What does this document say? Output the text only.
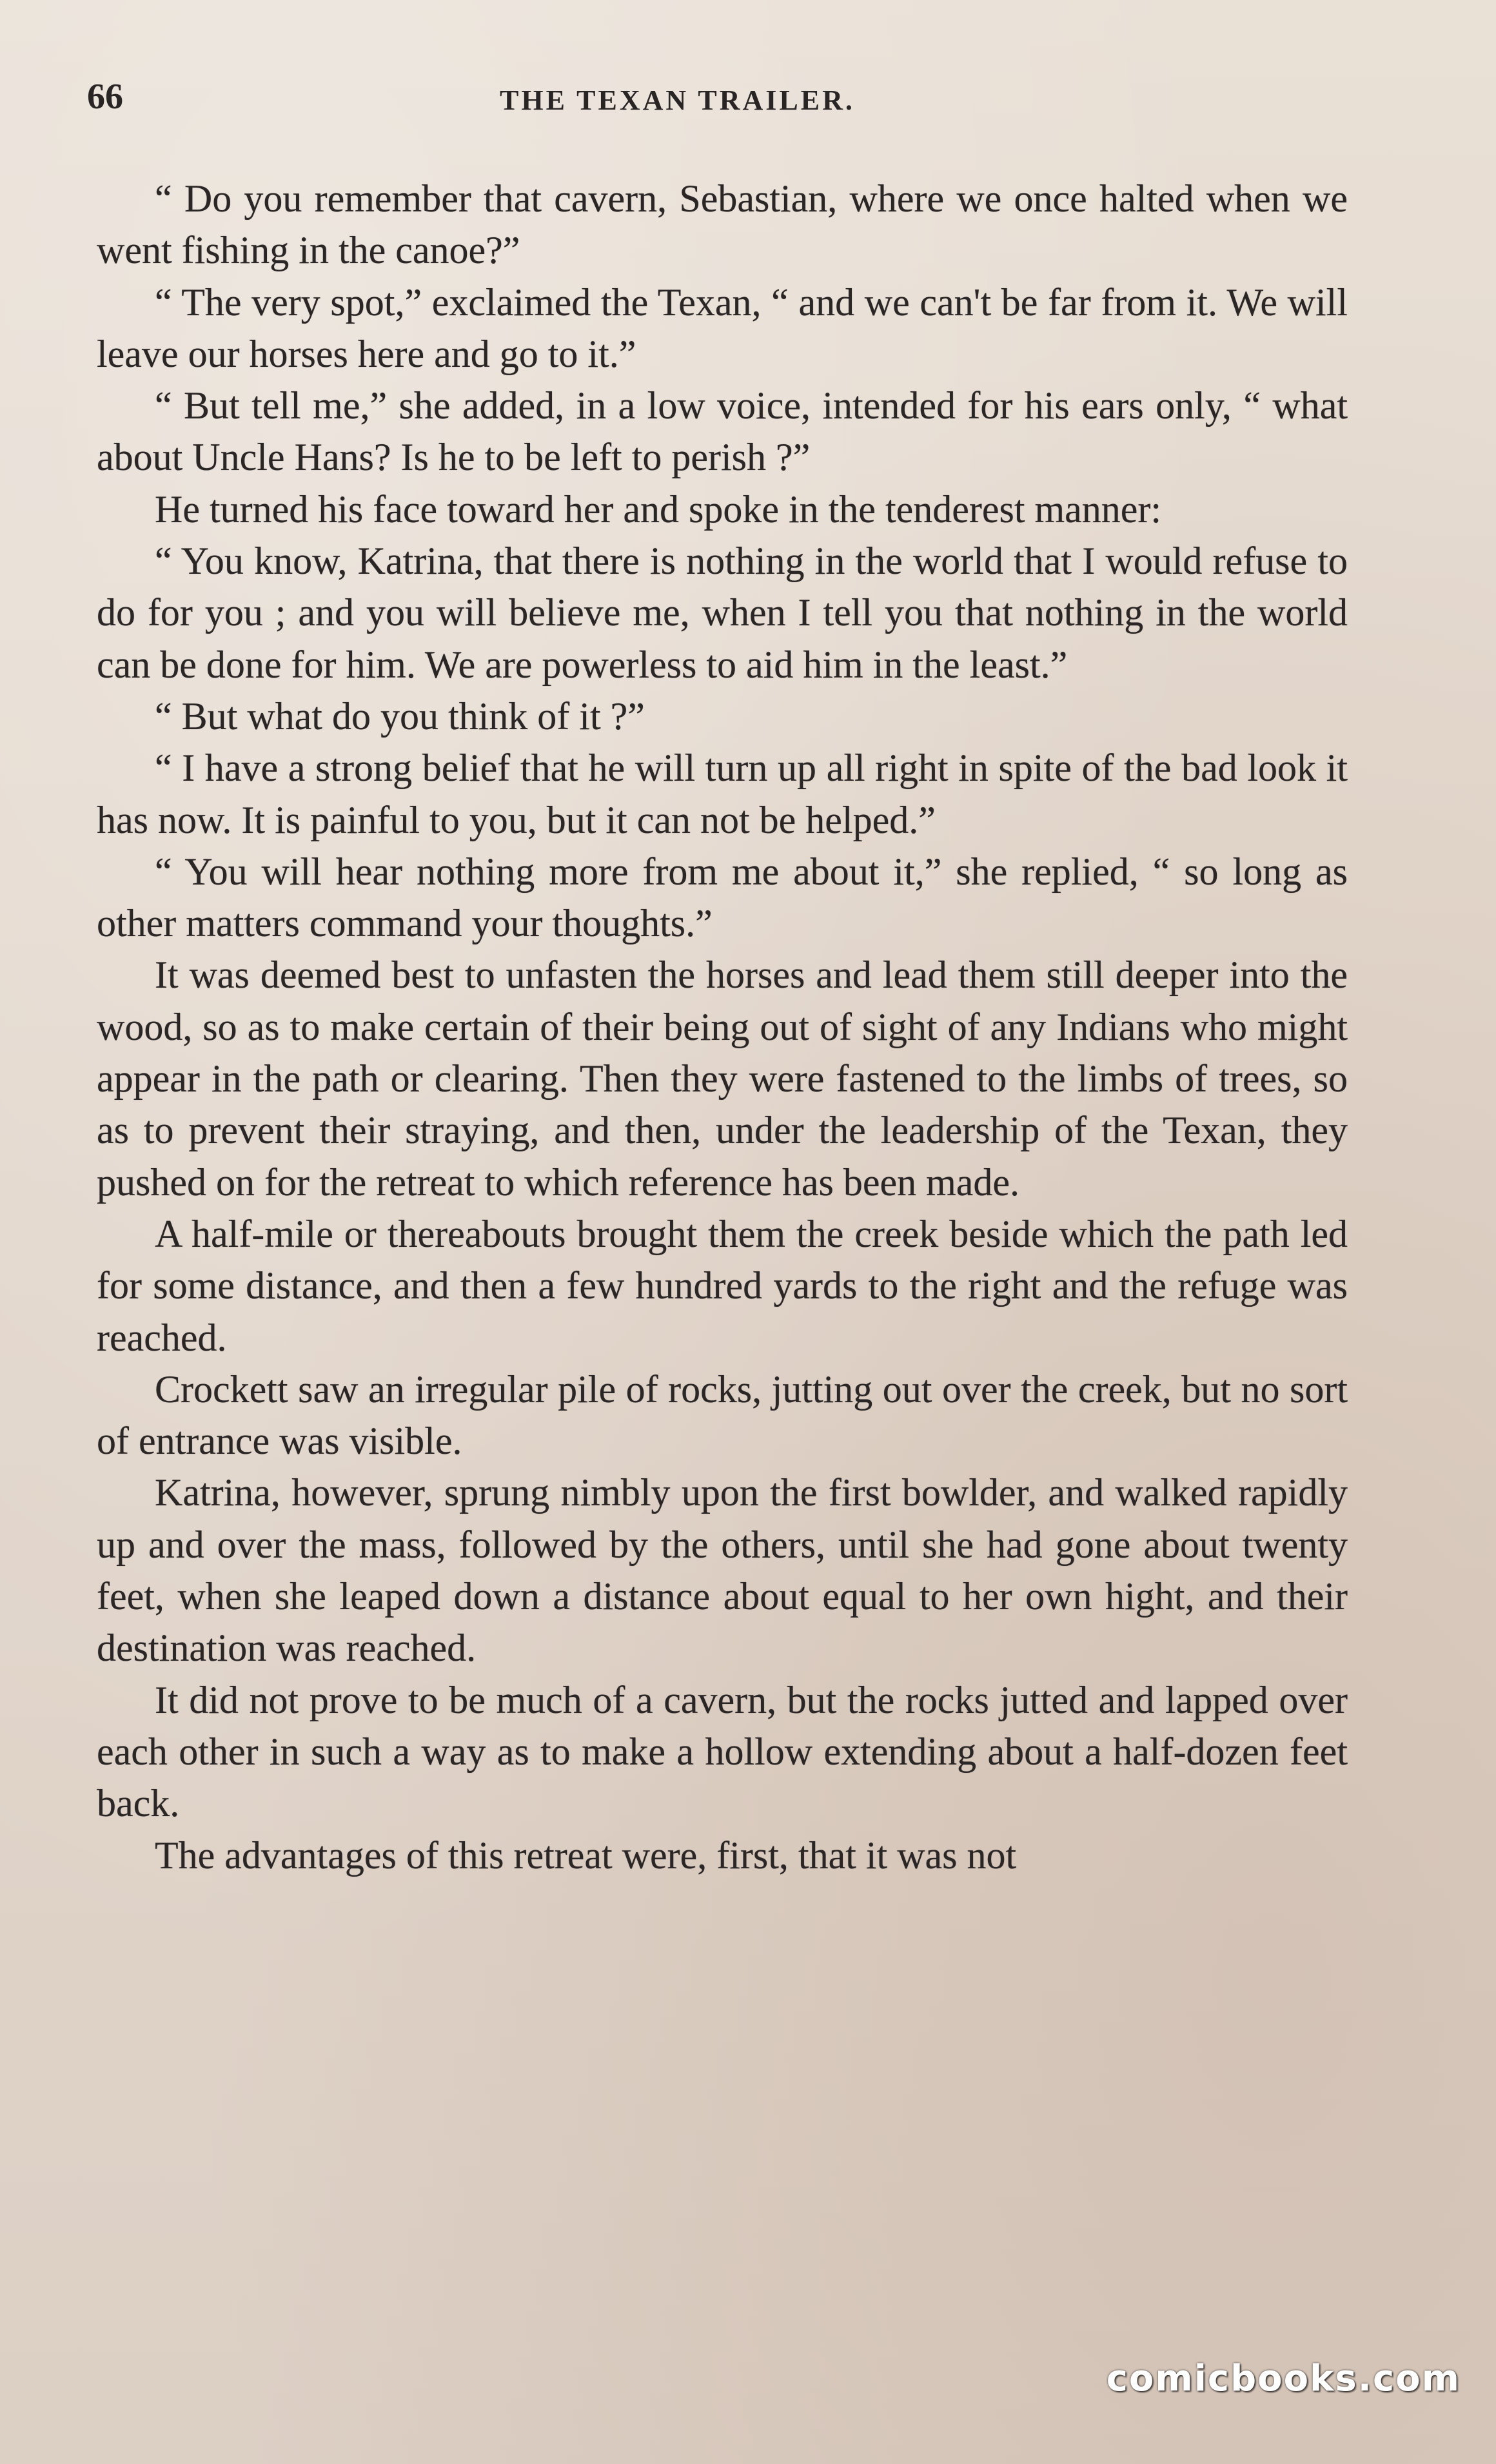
66	THE TEXAN TRAILER.

“ Do you remember that cavern, Sebastian, where we once halted when we went fishing in the canoe?”

“ The very spot,” exclaimed the Texan, “ and we can't be far from it. We will leave our horses here and go to it.”

“ But tell me,” she added, in a low voice, intended for his ears only, “ what about Uncle Hans? Is he to be left to perish ?”

He turned his face toward her and spoke in the tenderest manner:

“ You know, Katrina, that there is nothing in the world that I would refuse to do for you ; and you will believe me, when I tell you that nothing in the world can be done for him. We are powerless to aid him in the least.”

“ But what do you think of it ?”

“ I have a strong belief that he will turn up all right in spite of the bad look it has now. It is painful to you, but it can not be helped.”

“ You will hear nothing more from me about it,” she replied, “ so long as other matters command your thoughts.”

It was deemed best to unfasten the horses and lead them still deeper into the wood, so as to make certain of their being out of sight of any Indians who might appear in the path or clearing. Then they were fastened to the limbs of trees, so as to prevent their straying, and then, under the leadership of the Texan, they pushed on for the retreat to which reference has been made.

A half-mile or thereabouts brought them the creek beside which the path led for some distance, and then a few hundred yards to the right and the refuge was reached.

Crockett saw an irregular pile of rocks, jutting out over the creek, but no sort of entrance was visible.

Katrina, however, sprung nimbly upon the first bowlder, and walked rapidly up and over the mass, followed by the others, until she had gone about twenty feet, when she leaped down a distance about equal to her own hight, and their destination was reached.

It did not prove to be much of a cavern, but the rocks jutted and lapped over each other in such a way as to make a hollow extending about a half-dozen feet back.

The advantages of this retreat were, first, that it was not

comicbooks.com
